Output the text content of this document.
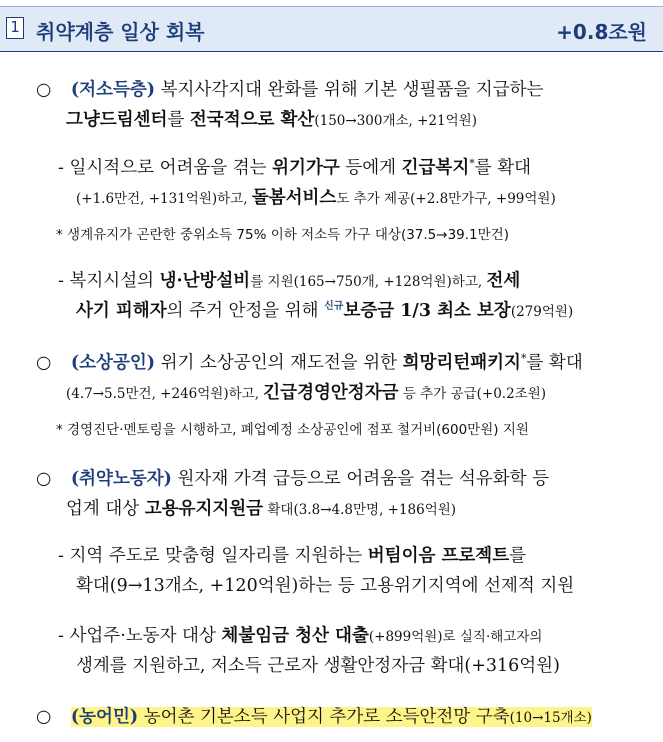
1 취약계층 일상 회복	+0.8조원
○ (저소득층) 복지사각지대 완화를 위해 기본 생필품을 지급하는
그냥드림센터를 전국적으로 확산(150→300개소, +21억원)
- 일시적으로 어려움을 겪는 위기가구 등에게 긴급복지*를 확대
(+1.6만건, +131억원)하고, 돌봄서비스도 추가 제공(+2.8만가구, +99억원)
* 생계유지가 곤란한 중위소득 75% 이하 저소득 가구 대상(37.5→39.1만건)
- 복지시설의 냉·난방설비를 지원(165→750개, +128억원)하고, 전세
사기 피해자의 주거 안정을 위해 $^{신규}$보증금 1/3 최소 보장(279억원)
○ (소상공인) 위기 소상공인의 재도전을 위한 희망리턴패키지*를 확대
(4.7→5.5만건, +246억원)하고, 긴급경영안정자금 등 추가 공급(+0.2조원)
* 경영진단·멘토링을 시행하고, 폐업예정 소상공인에 점포 철거비(600만원) 지원
○ (취약노동자) 원자재 가격 급등으로 어려움을 겪는 석유화학 등
업계 대상 고용유지지원금 확대(3.8→4.8만명, +186억원)
- 지역 주도로 맞춤형 일자리를 지원하는 버팀이음 프로젝트를
확대(9→13개소, +120억원)하는 등 고용위기지역에 선제적 지원
- 사업주·노동자 대상 체불임금 청산 대출(+899억원)로 실직·해고자의
생계를 지원하고, 저소득 근로자 생활안정자금 확대(+316억원)
○ (농어민) 농어촌 기본소득 사업지 추가로 소득안전망 구축(10→15개소)
